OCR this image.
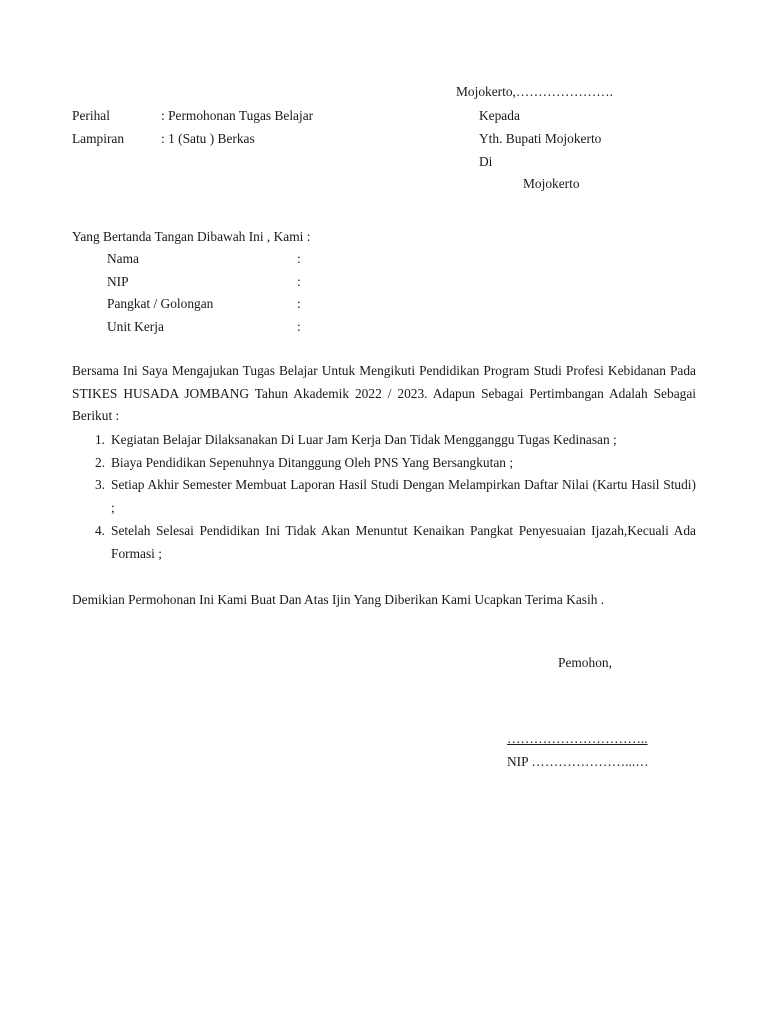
Mojokerto,………………….
Perihal	: Permohonan Tugas Belajar
Lampiran	: 1 (Satu ) Berkas
Kepada
Yth. Bupati Mojokerto
Di
Mojokerto
Yang Bertanda Tangan Dibawah Ini , Kami :
Nama	:
NIP	:
Pangkat / Golongan	:
Unit Kerja	:

Bersama Ini Saya Mengajukan Tugas Belajar Untuk Mengikuti Pendidikan Program Studi Profesi Kebidanan Pada STIKES HUSADA JOMBANG Tahun Akademik 2022 / 2023. Adapun Sebagai Pertimbangan Adalah Sebagai Berikut :

1. Kegiatan Belajar Dilaksanakan Di Luar Jam Kerja Dan Tidak Mengganggu Tugas Kedinasan ;
2. Biaya Pendidikan Sepenuhnya Ditanggung Oleh PNS Yang Bersangkutan ;
3. Setiap Akhir Semester Membuat Laporan Hasil Studi Dengan Melampirkan Daftar Nilai (Kartu Hasil Studi) ;
4. Setelah Selesai Pendidikan Ini Tidak Akan Menuntut Kenaikan Pangkat Penyesuaian Ijazah,Kecuali Ada Formasi ;
Demikian Permohonan Ini Kami Buat Dan Atas Ijin Yang Diberikan Kami Ucapkan Terima Kasih .
Pemohon,
…………………………..
NIP …………………...…
